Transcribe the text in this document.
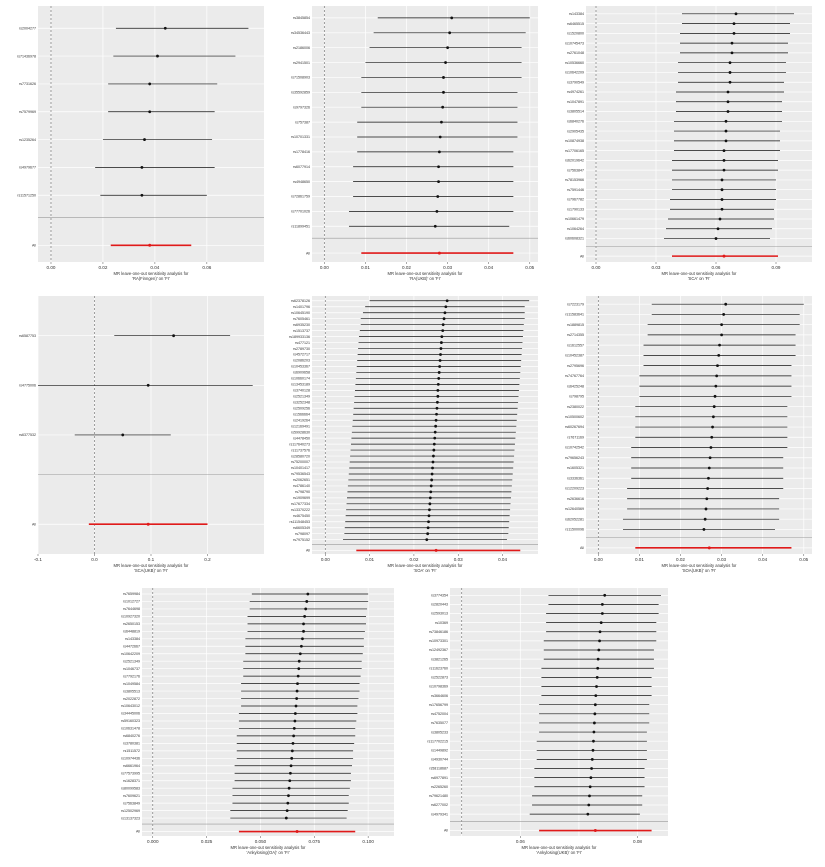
rs2004277
rs71436978
rs7731626
rs7579969
rs1235264
rs4979677
rs11571250
All
0.00	0.02	0.04	0.06
MR leave-one-out sensitivity analysis for
'RA(Finngen)' on 'FI'
rs3845854
rs34536443
rs2186006
rs2941501
rs71508903
rs35592859
rs9797326
rs757387
rs10701331
rs1778416
rs6077914
rs4948650
rs72861759
rs77701026
rs11899451
All
0.00	0.01	0.02	0.03	0.04	0.05
MR leave-one-out sensitivity analysis for
'RA(UKB)' on 'FI'
rs143384
rs6465515
rs1520800
rs10745473
rs2761048
rs10536660
rs10642209
rs3790549
rs4974261
rs1047891
rs3805514
rs6840276
rs2905435
rs10874938
rs17706165
rs62019642
rs7563847
rs78153966
rs7591446
rs7967782
rs1790133
rs10661479
rs1064264
rs60608321
All
0.00	0.03	0.06	0.09
MR leave-one-out sensitivity analysis for
'SCA' on 'FI'
rs6587753
rs4775006
rs6377532
All
-0.1	0.0	0.1	0.2
MR leave-one-out sensitivity analysis for
'SCA(UKB)' on 'FI'
rs62378126
rs1401796
rs10645190
rs7605461
rs6935230
rs1513737
rs189933136
rs477121
rs2789730
rs4572717
rs2086203
rs10453367
rs6909658
rs10660174
rs13453189
rs3740128
rs2521349
rs3252348
rs2509256
rs1566664
rs2419264
rs12169491
rs59928630
rs4478450
rs117640273
rs11737576
rs28580720
rs75200007
rs10401417
rs79536543
rs2062651
rs4786140
rs798790
rs1909699
rs17677334
rs13370222
rs4675450
rs111548453
rs6605349
rs798097
rs7975152
All
0.00	0.01	0.02	0.03	0.04
MR leave-one-out sensitivity analysis for
'SOA' on 'FI'
rs7223179
rs11583641
rs1889815
rs2714355
rs1612557
rs10452387
rs2795696
rs74767764
rs6425248
rs798795
rs2380022
rs10500602
rs60267694
rs7671169
rs10742542
rs79656243
rs1605321
rs3336361
rs12209223
rs2636616
rs12640569
rs62052281
rs11500096
All
0.00	0.01	0.02	0.03	0.04	0.05
MR leave-one-out sensitivity analysis for
'SOA(UKB)' on 'FI'
rs7659984
rs1012727
rs7644698
rs10927320
rs2650153
rs6448819
rs143384
rs4472667
rs10642209
rs2521349
rs1046737
rs7792176
rs1049584
rs3805513
rs2022872
rs10643012
rs34445006
rs59160323
rs10631478
rs6840276
rs3780381
rs1511572
rs10974436
rs6661964
rs77573995
rs1628371
rs80099583
rs7609621
rs7563849
rs12502969
rs13137323
All
0.000	0.025	0.050	0.075	0.100
MR leave-one-out sensitivity analysis for
'Ankylosing(OA)' on 'FI'
rs3774354
rs2820443
rs2593013
rs10369
rs73846186
rs10973301
rs12492367
rs3821265
rs11623760
rs2522873
rs10798369
rs3664606
rs17656799
rs4752004
rs7635077
rs3805233
rs117702215
rs1449892
rs4930744
rs58118687
rs6977891
rs2265260
rs79621480
rs6277002
rs4979341
All
0.06	0.08
MR leave-one-out sensitivity analysis for
'Ankylosing(UKB)' on 'FI'
